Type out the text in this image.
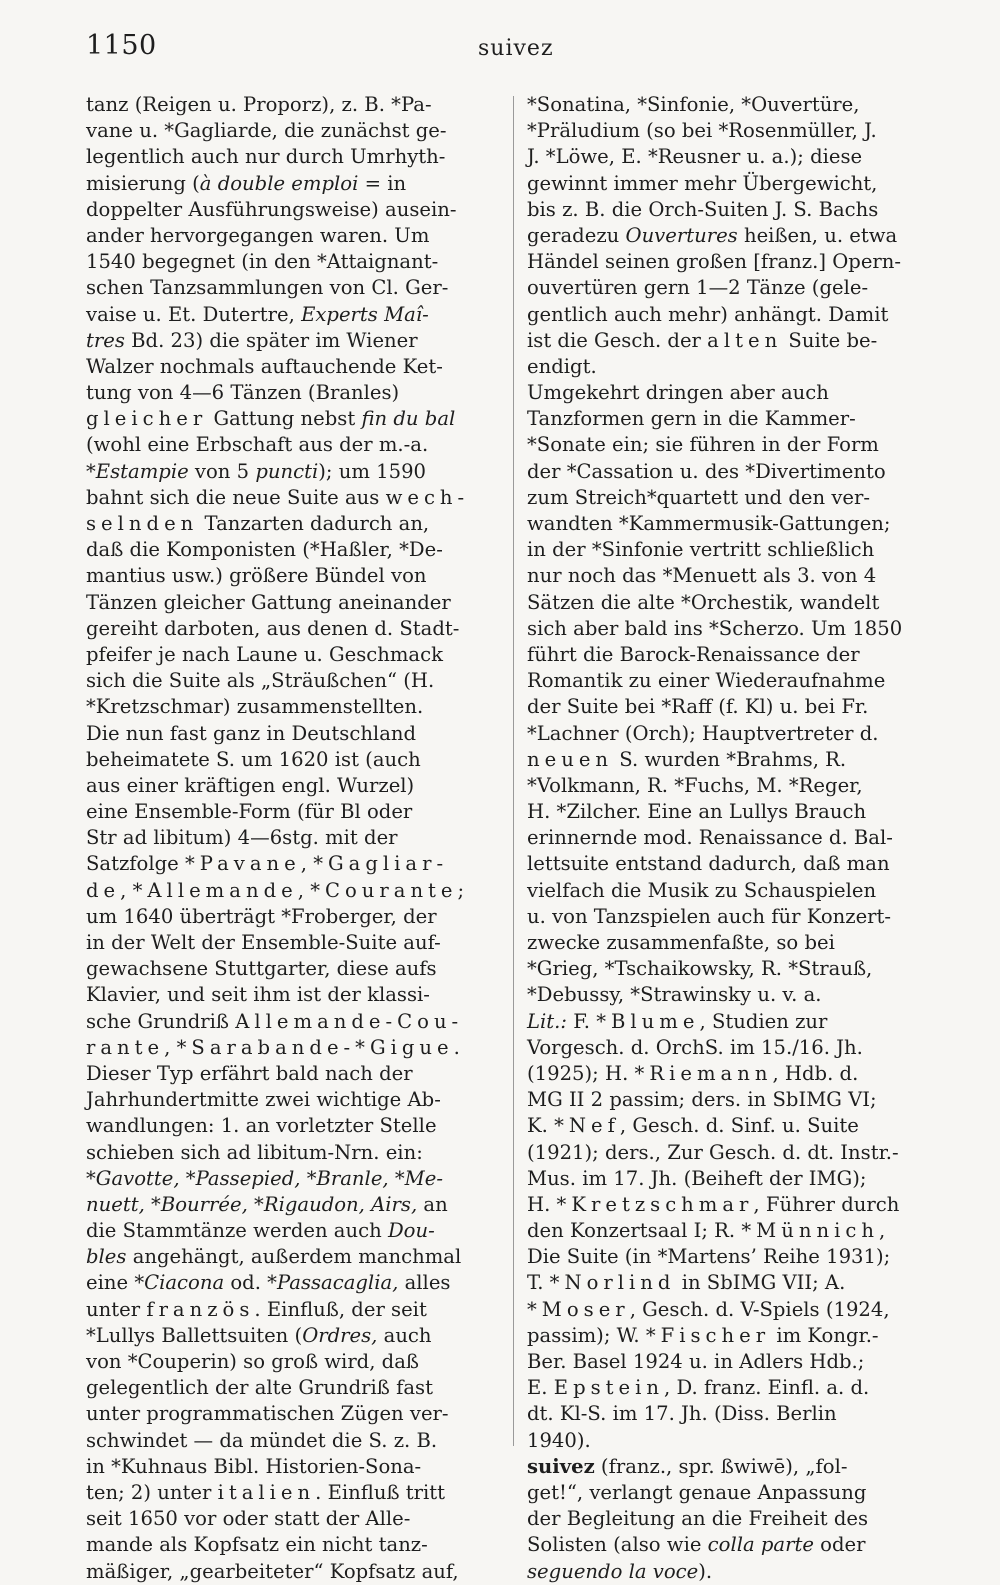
1150	suivez
tanz (Reigen u. Proporz), z. B. *Pa-
vane u. *Gagliarde, die zunächst ge-
legentlich auch nur durch Umrhyth-
misierung (à double emploi = in
doppelter Ausführungsweise) ausein-
ander hervorgegangen waren. Um
1540 begegnet (in den *Attaignant-
schen Tanzsammlungen von Cl. Ger-
vaise u. Et. Dutertre, Experts Maî-
tres Bd. 23) die später im Wiener
Walzer nochmals auftauchende Ket-
tung von 4—6 Tänzen (Branles)
gleicher Gattung nebst fin du bal
(wohl eine Erbschaft aus der m.-a.
*Estampie von 5 puncti); um 1590
bahnt sich die neue Suite aus wech-
selnden Tanzarten dadurch an,
daß die Komponisten (*Haßler, *De-
mantius usw.) größere Bündel von
Tänzen gleicher Gattung aneinander
gereiht darboten, aus denen d. Stadt-
pfeifer je nach Laune u. Geschmack
sich die Suite als „Sträußchen“ (H.
*Kretzschmar) zusammenstellten.
Die nun fast ganz in Deutschland
beheimatete S. um 1620 ist (auch
aus einer kräftigen engl. Wurzel)
eine Ensemble-Form (für Bl oder
Str ad libitum) 4—6stg. mit der
Satzfolge *Pavane, *Gagliar-
de, *Allemande, *Courante;
um 1640 überträgt *Froberger, der
in der Welt der Ensemble-Suite auf-
gewachsene Stuttgarter, diese aufs
Klavier, und seit ihm ist der klassi-
sche Grundriß Allemande-Cou-
rante, *Sarabande-*Gigue.
Dieser Typ erfährt bald nach der
Jahrhundertmitte zwei wichtige Ab-
wandlungen: 1. an vorletzter Stelle
schieben sich ad libitum-Nrn. ein:
*Gavotte, *Passepied, *Branle, *Me-
nuett, *Bourrée, *Rigaudon, Airs, an
die Stammtänze werden auch Dou-
bles angehängt, außerdem manchmal
eine *Ciacona od. *Passacaglia, alles
unter französ. Einfluß, der seit
*Lullys Ballettsuiten (Ordres, auch
von *Couperin) so groß wird, daß
gelegentlich der alte Grundriß fast
unter programmatischen Zügen ver-
schwindet — da mündet die S. z. B.
in *Kuhnaus Bibl. Historien-Sona-
ten; 2) unter italien. Einfluß tritt
seit 1650 vor oder statt der Alle-
mande als Kopfsatz ein nicht tanz-
mäßiger, „gearbeiteter“ Kopfsatz auf,
*Sonatina, *Sinfonie, *Ouvertüre,
*Präludium (so bei *Rosenmüller, J.
J. *Löwe, E. *Reusner u. a.); diese
gewinnt immer mehr Übergewicht,
bis z. B. die Orch-Suiten J. S. Bachs
geradezu Ouvertures heißen, u. etwa
Händel seinen großen [franz.] Opern-
ouvertüren gern 1—2 Tänze (gele-
gentlich auch mehr) anhängt. Damit
ist die Gesch. der alten Suite be-
endigt.
Umgekehrt dringen aber auch
Tanzformen gern in die Kammer-
*Sonate ein; sie führen in der Form
der *Cassation u. des *Divertimento
zum Streich*quartett und den ver-
wandten *Kammermusik-Gattungen;
in der *Sinfonie vertritt schließlich
nur noch das *Menuett als 3. von 4
Sätzen die alte *Orchestik, wandelt
sich aber bald ins *Scherzo. Um 1850
führt die Barock-Renaissance der
Romantik zu einer Wiederaufnahme
der Suite bei *Raff (f. Kl) u. bei Fr.
*Lachner (Orch); Hauptvertreter d.
neuen S. wurden *Brahms, R.
*Volkmann, R. *Fuchs, M. *Reger,
H. *Zilcher. Eine an Lullys Brauch
erinnernde mod. Renaissance d. Bal-
lettsuite entstand dadurch, daß man
vielfach die Musik zu Schauspielen
u. von Tanzspielen auch für Konzert-
zwecke zusammenfaßte, so bei
*Grieg, *Tschaikowsky, R. *Strauß,
*Debussy, *Strawinsky u. v. a.
Lit.: F. *Blume, Studien zur
Vorgesch. d. OrchS. im 15./16. Jh.
(1925); H. *Riemann, Hdb. d.
MG II 2 passim; ders. in SbIMG VI;
K. *Nef, Gesch. d. Sinf. u. Suite
(1921); ders., Zur Gesch. d. dt. Instr.-
Mus. im 17. Jh. (Beiheft der IMG);
H. *Kretzschmar, Führer durch
den Konzertsaal I; R. *Münnich,
Die Suite (in *Martens’ Reihe 1931);
T. *Norlind in SbIMG VII; A.
*Moser, Gesch. d. V-Spiels (1924,
passim); W. *Fischer im Kongr.-
Ber. Basel 1924 u. in Adlers Hdb.;
E. Epstein, D. franz. Einfl. a. d.
dt. Kl-S. im 17. Jh. (Diss. Berlin
1940).
suivez (franz., spr. ßwiwē), „fol-
get!“, verlangt genaue Anpassung
der Begleitung an die Freiheit des
Solisten (also wie colla parte oder
seguendo la voce).
